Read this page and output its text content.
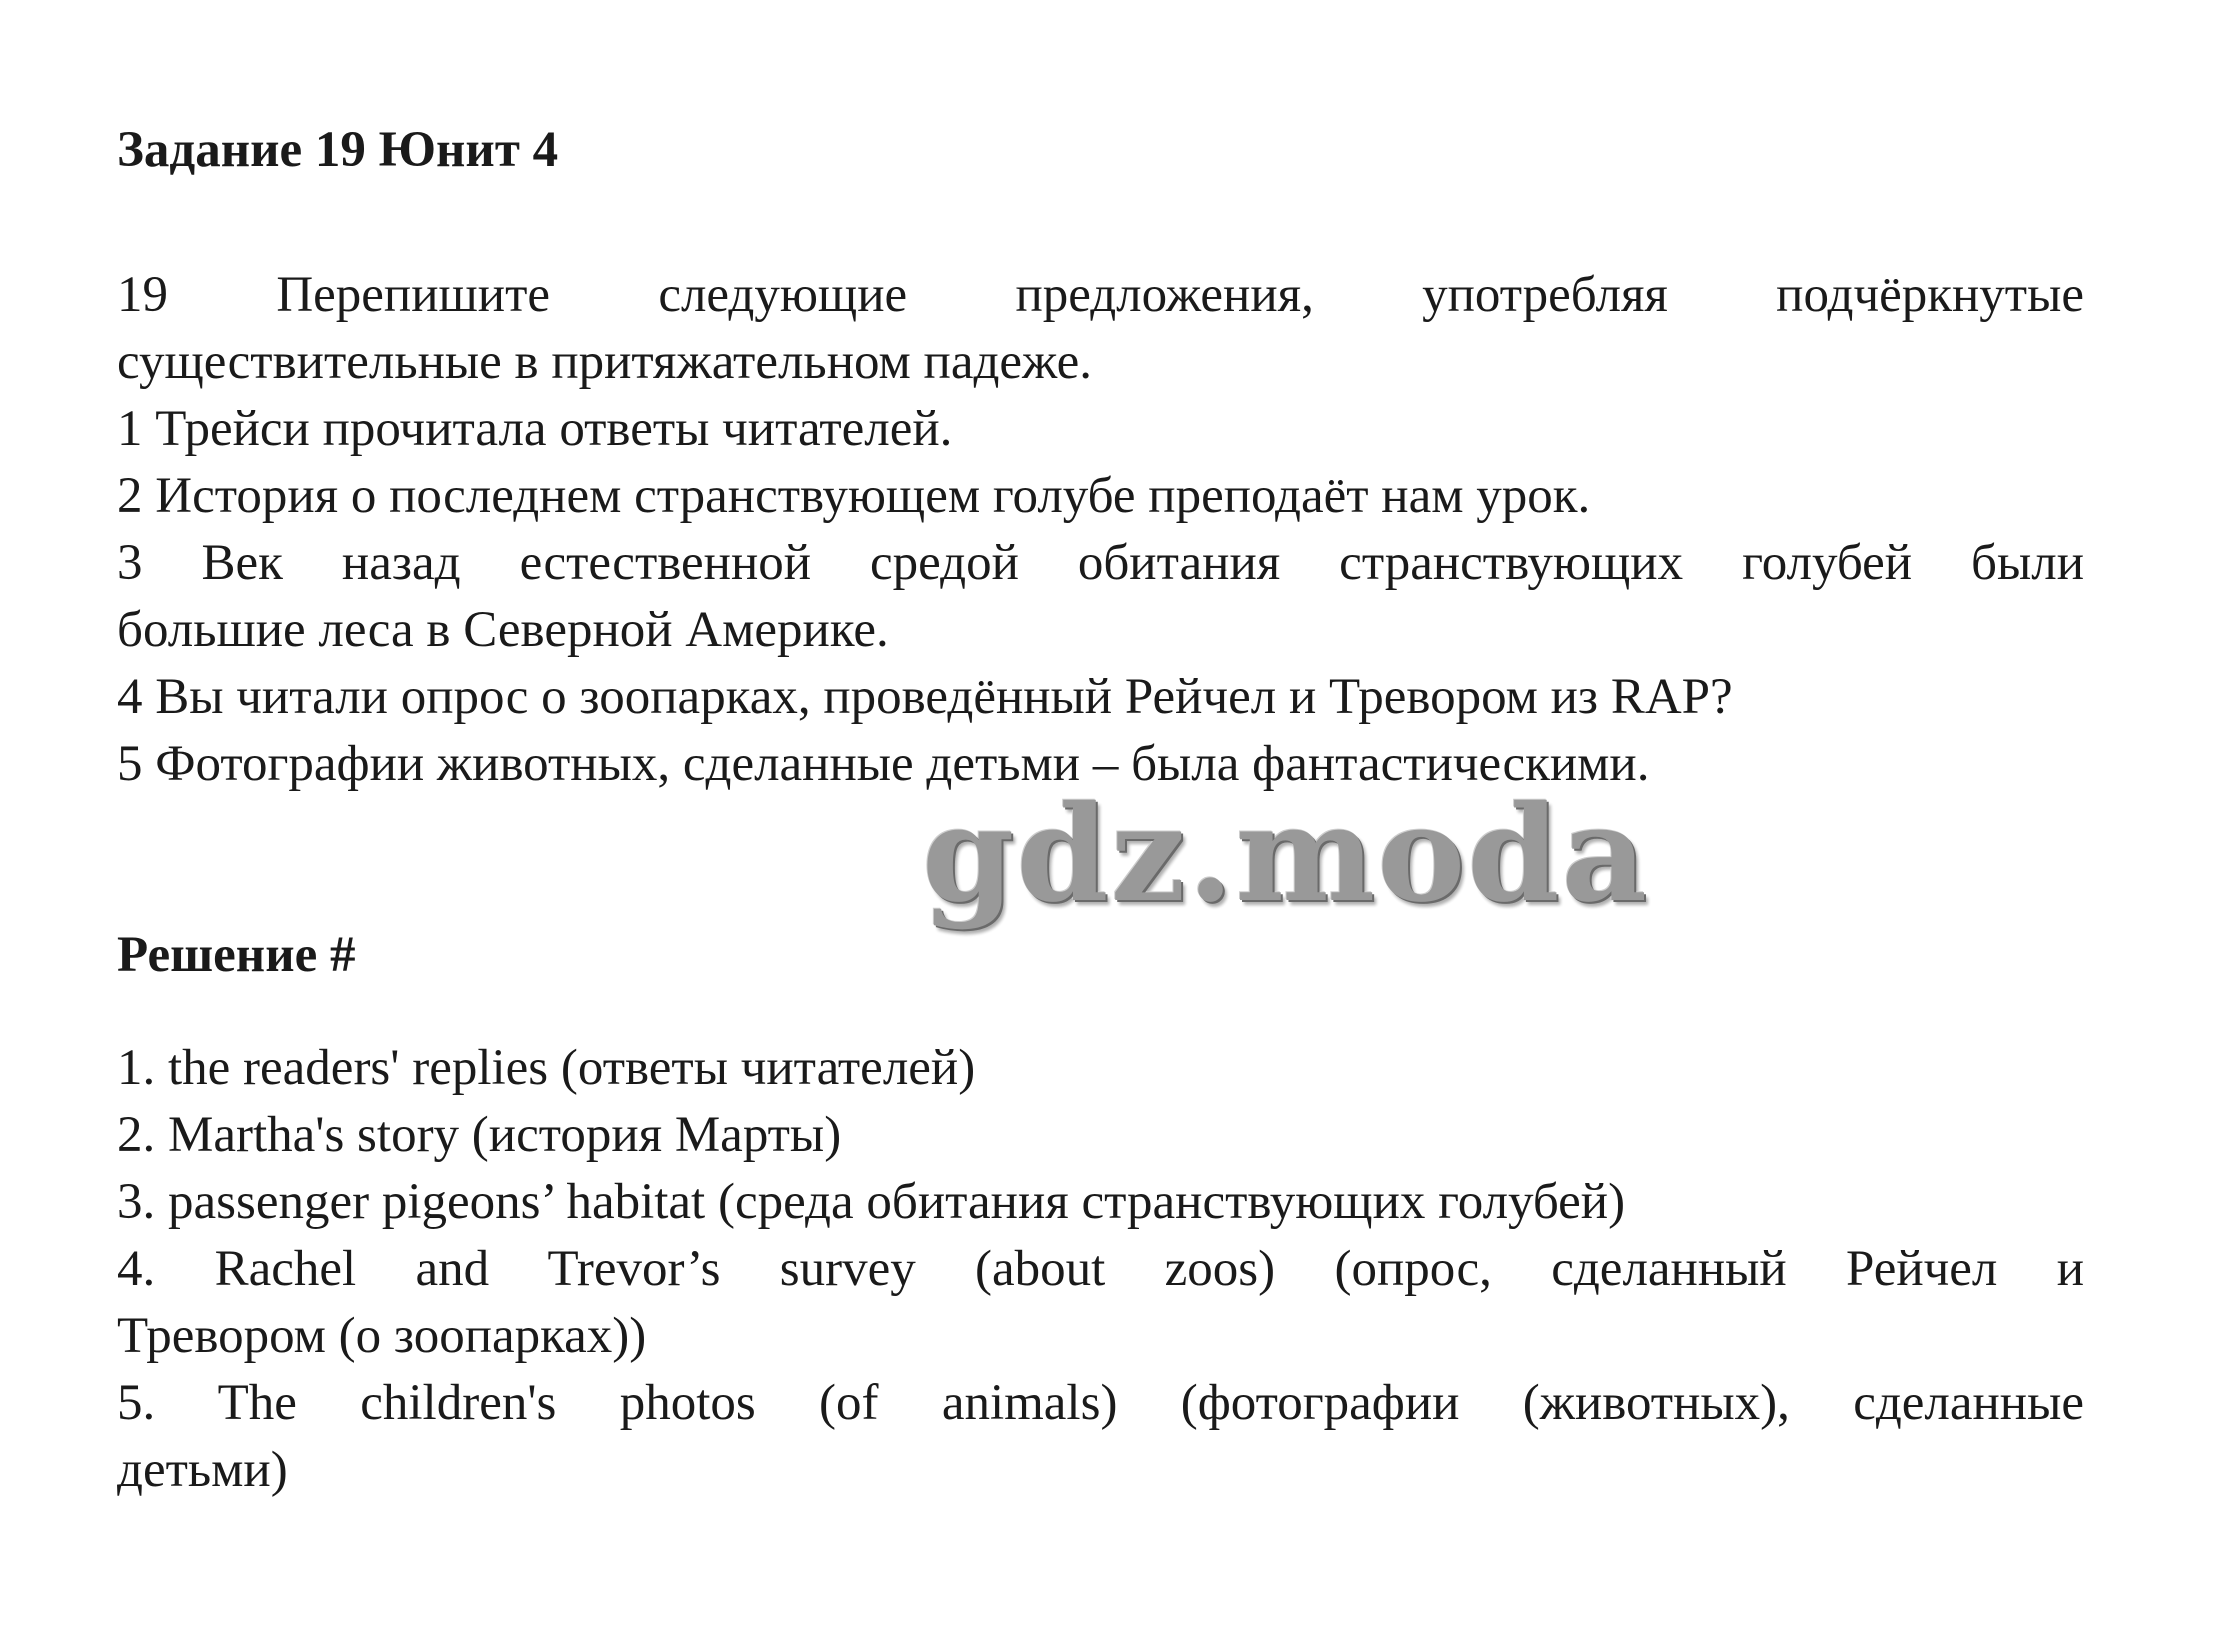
Задание 19 Юнит 4
19 Перепишите следующие предложения, употребляя подчёркнутые
существительные в притяжательном падеже.
1 Трейси прочитала ответы читателей.
2 История о последнем странствующем голубе преподаёт нам урок.
3 Век назад естественной средой обитания странствующих голубей были
большие леса в Северной Америке.
4 Вы читали опрос о зоопарках, проведённый Рейчел и Тревором из RAP?
5 Фотографии животных, сделанные детьми – была фантастическими.
gdz.moda
Решение #
1. the readers' replies (ответы читателей)
2. Martha's story (история Марты)
3. passenger pigeons’ habitat (среда обитания странствующих голубей)
4. Rachel and Trevor’s survey (about zoos) (опрос, сделанный Рейчел и
Тревором (о зоопарках))
5. The children's photos (of animals) (фотографии (животных), сделанные
детьми)
